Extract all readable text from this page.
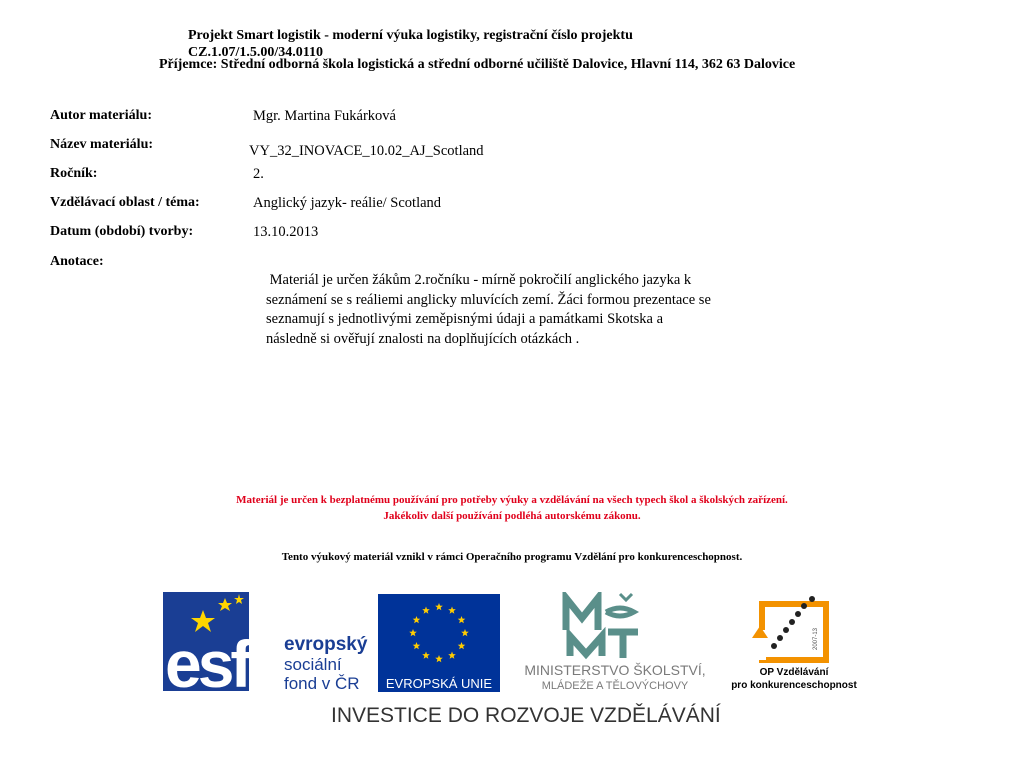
Projekt Smart logistik - moderní výuka logistiky, registrační číslo projektu
CZ.1.07/1.5.00/34.0110
Příjemce: Střední odborná škola logistická a střední odborné učiliště Dalovice, Hlavní 114, 362 63 Dalovice
Autor materiálu:	Mgr. Martina Fukárková
Název materiálu:	VY_32_INOVACE_10.02_AJ_Scotland
Ročník:	2.
Vzdělávací oblast / téma:	Anglický jazyk- reálie/ Scotland
Datum (období) tvorby:	13.10.2013
Anotace:
Materiál je určen žákům 2.ročníku - mírně pokročilí anglického jazyka k
seznámení se s reáliemi anglicky mluvících zemí. Žáci formou prezentace se
seznamují s jednotlivými zeměpisnými údaji a památkami Skotska a
následně si ověřují znalosti na doplňujících otázkách .
Materiál je určen k bezplatnému používání pro potřeby výuky a vzdělávání na všech typech škol a školských zařízení.
Jakékoliv další používání podléhá autorskému zákonu.
Tento výukový materiál vznikl v rámci Operačního programu Vzdělání pro konkurenceschopnost.
esf evropský
sociální
fond v ČR EVROPSKÁ UNIE
MINISTERSTVO ŠKOLSTVÍ,
MLÁDEŽE A TĚLOVÝCHOVY
2007-13
OP Vzdělávání
pro konkurenceschopnost
INVESTICE DO ROZVOJE VZDĚLÁVÁNÍ
